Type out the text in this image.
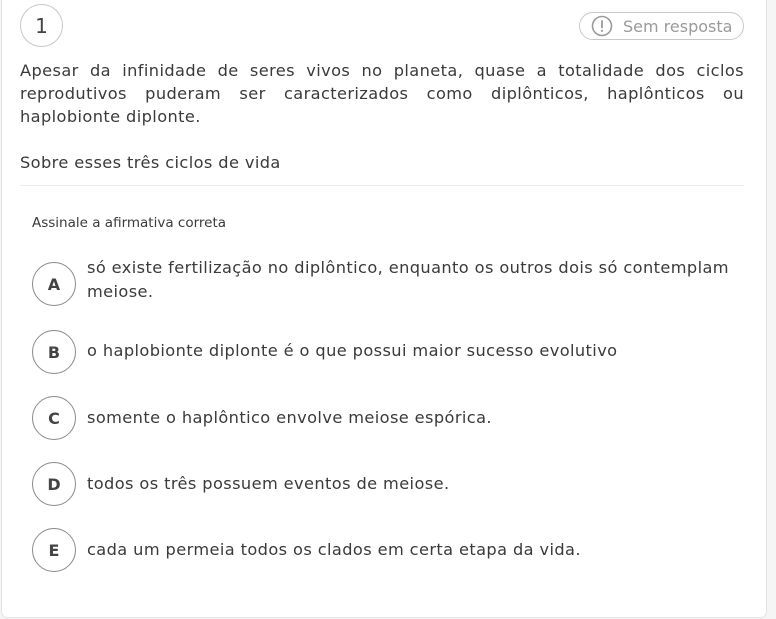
1	Sem resposta

Apesar da infinidade de seres vivos no planeta, quase a totalidade dos ciclos reprodutivos puderam ser caracterizados como diplônticos, haplônticos ou haplobionte diplonte.

Sobre esses três ciclos de vida
Assinale a afirmativa correta
A
só existe fertilização no diplôntico, enquanto os outros dois só contemplam meiose.
B	o haplobionte diplonte é o que possui maior sucesso evolutivo
C	somente o haplôntico envolve meiose espórica.
D	todos os três possuem eventos de meiose.
E	cada um permeia todos os clados em certa etapa da vida.
